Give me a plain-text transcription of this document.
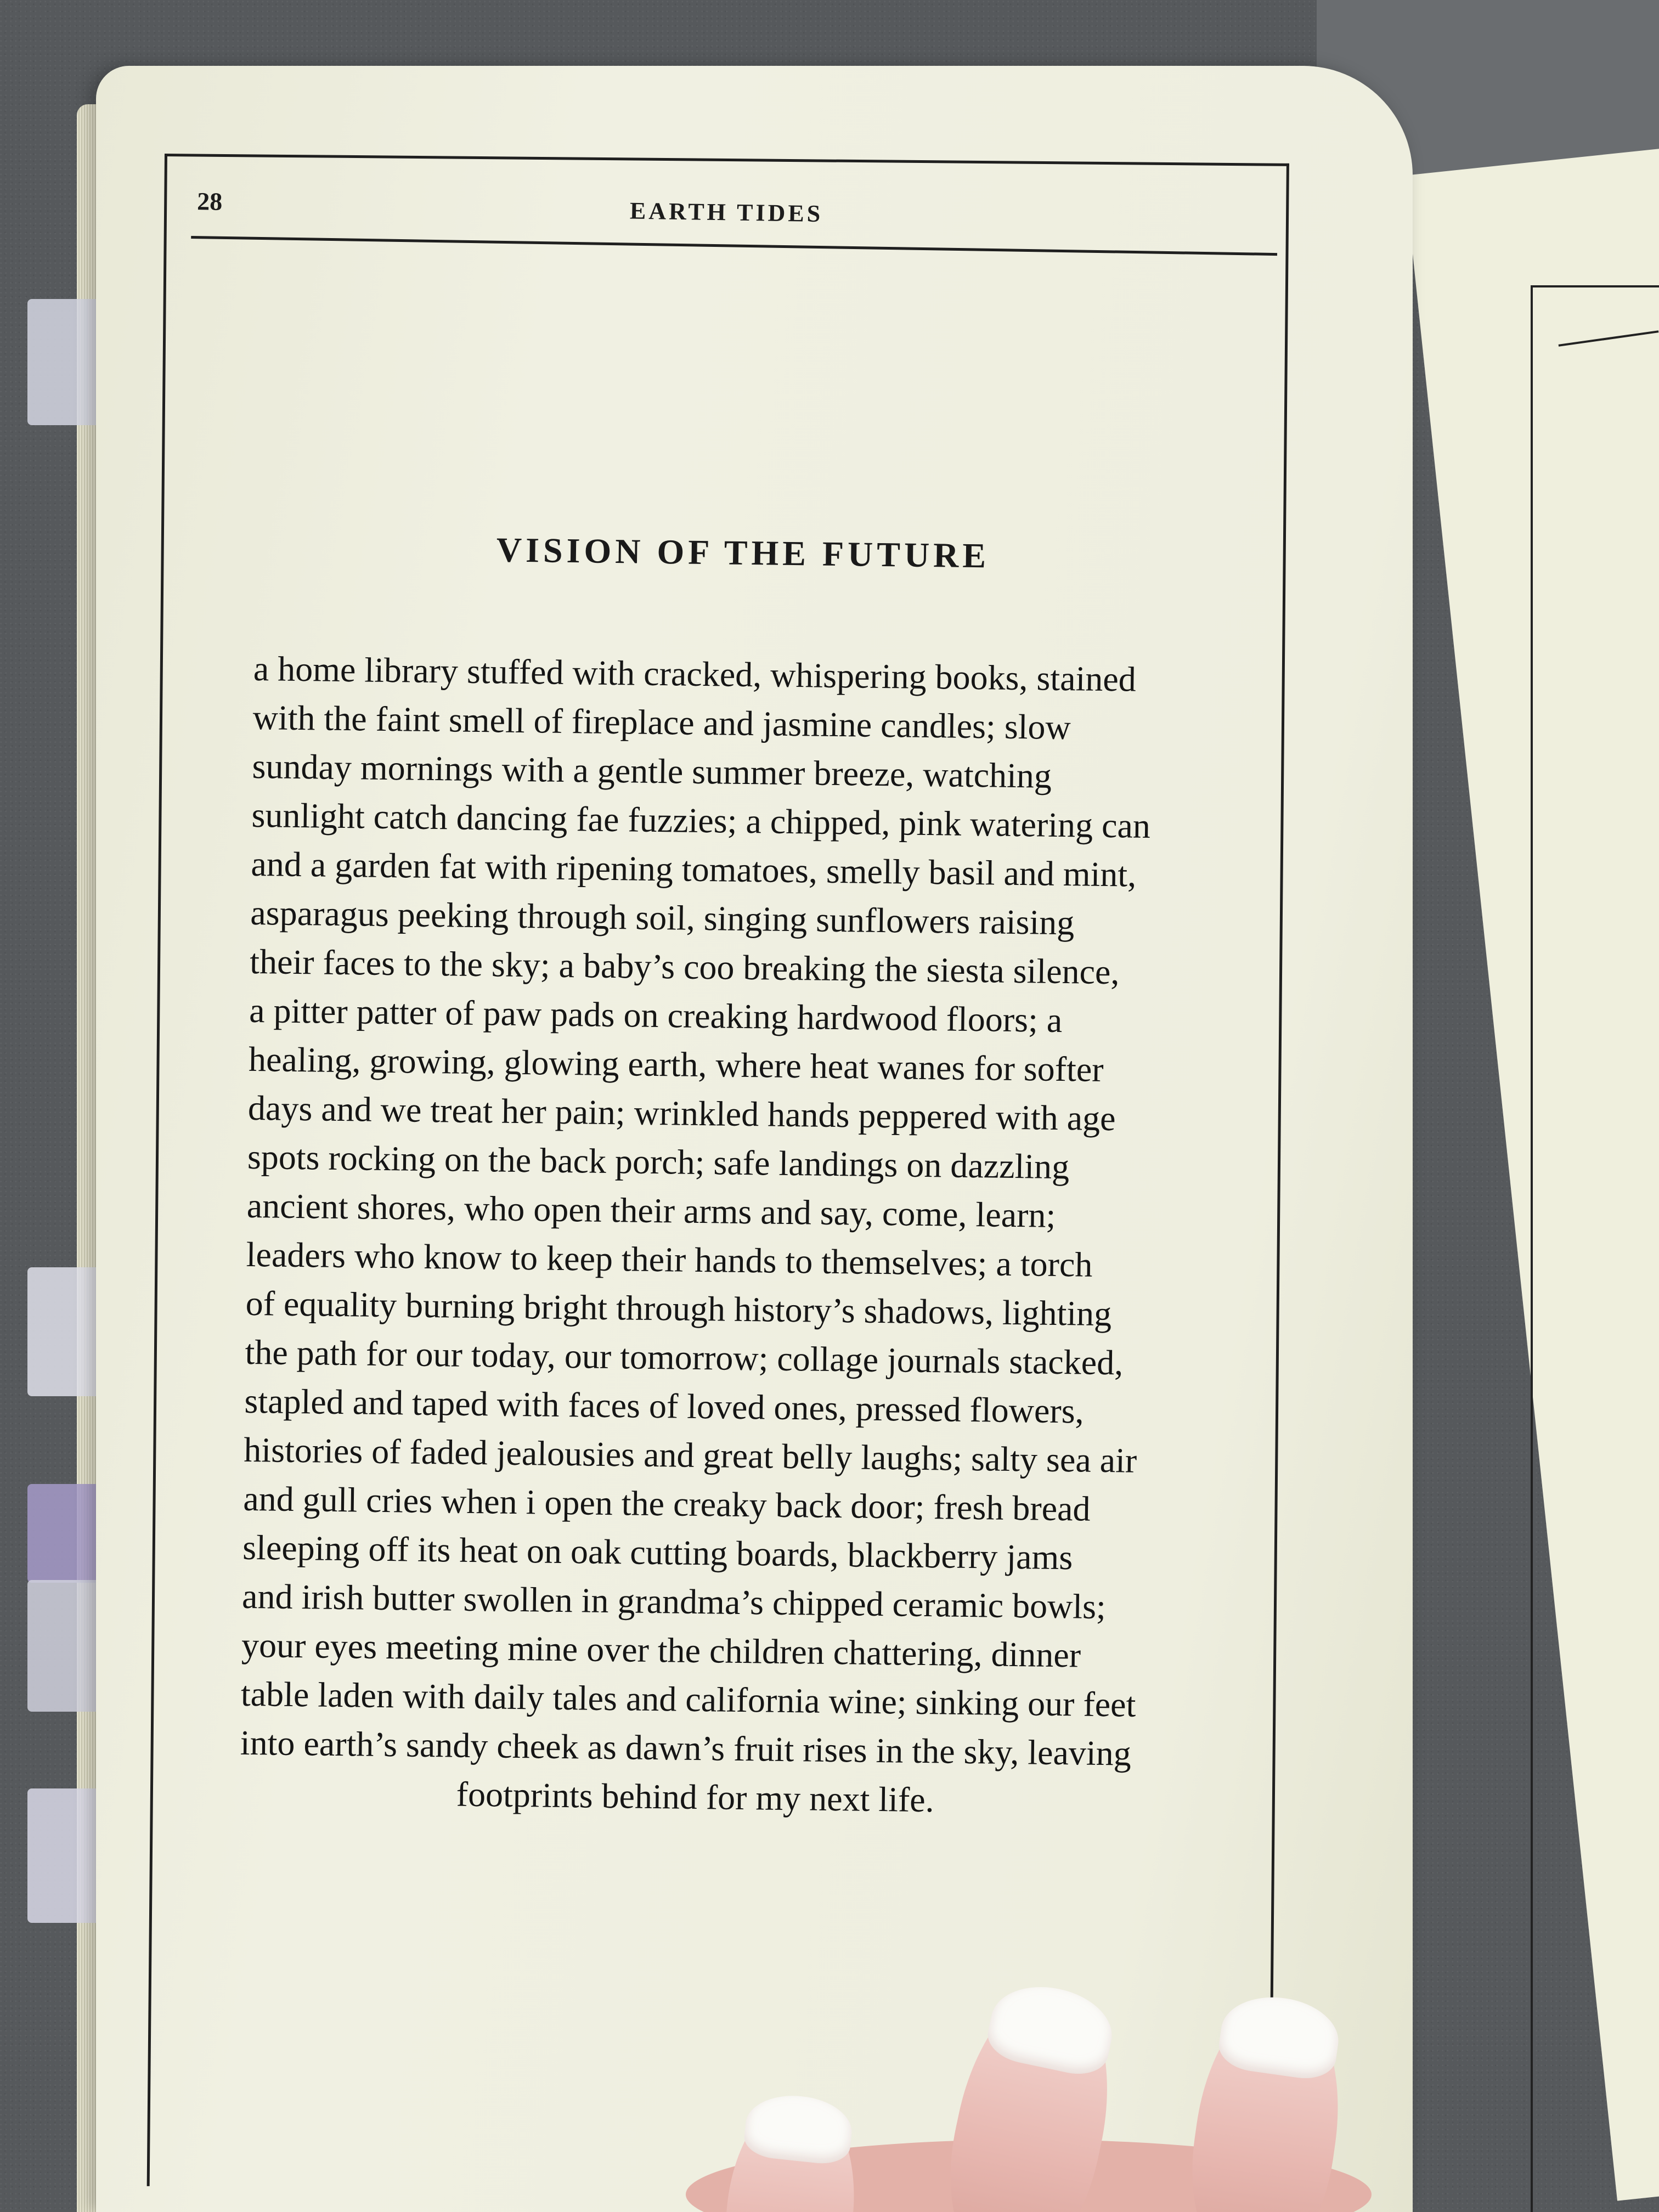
28	EARTH TIDES
VISION OF THE FUTURE

a home library stuffed with cracked, whispering books, stained
with the faint smell of fireplace and jasmine candles; slow
sunday mornings with a gentle summer breeze, watching
sunlight catch dancing fae fuzzies; a chipped, pink watering can
and a garden fat with ripening tomatoes, smelly basil and mint,
asparagus peeking through soil, singing sunflowers raising
their faces to the sky; a baby’s coo breaking the siesta silence,
a pitter patter of paw pads on creaking hardwood floors; a
healing, growing, glowing earth, where heat wanes for softer
days and we treat her pain; wrinkled hands peppered with age
spots rocking on the back porch; safe landings on dazzling
ancient shores, who open their arms and say, come, learn;
leaders who know to keep their hands to themselves; a torch
of equality burning bright through history’s shadows, lighting
the path for our today, our tomorrow; collage journals stacked,
stapled and taped with faces of loved ones, pressed flowers,
histories of faded jealousies and great belly laughs; salty sea air
and gull cries when i open the creaky back door; fresh bread
sleeping off its heat on oak cutting boards, blackberry jams
and irish butter swollen in grandma’s chipped ceramic bowls;
your eyes meeting mine over the children chattering, dinner
table laden with daily tales and california wine; sinking our feet
into earth’s sandy cheek as dawn’s fruit rises in the sky, leaving

footprints behind for my next life.
